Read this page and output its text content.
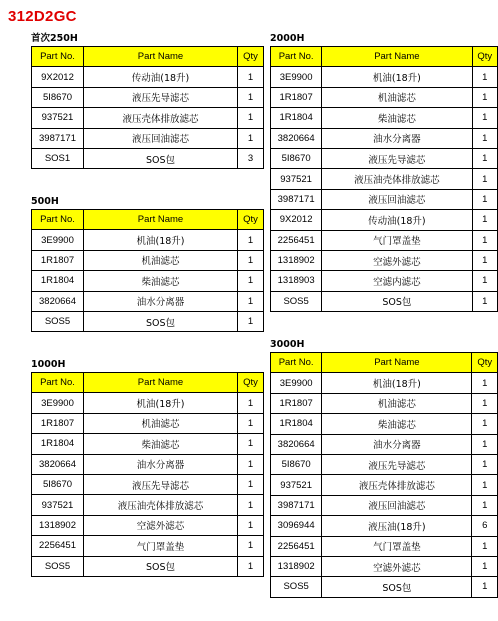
312D2GC
首次250H
Part No.	Part Name	Qty
9X2012	传动油(18升)	1
5I8670	液压先导滤芯	1
937521	液压壳体排放滤芯	1
3987171	液压回油滤芯	1
SOS1	SOS包	3
500H
Part No.	Part Name	Qty
3E9900	机油(18升)	1
1R1807	机油滤芯	1
1R1804	柴油滤芯	1
3820664	油水分离器	1
SOS5	SOS包	1
1000H
Part No.	Part Name	Qty
3E9900	机油(18升)	1
1R1807	机油滤芯	1
1R1804	柴油滤芯	1
3820664	油水分离器	1
5I8670	液压先导滤芯	1
937521	液压油壳体排放滤芯	1
1318902	空滤外滤芯	1
2256451	气门罩盖垫	1
SOS5	SOS包	1
2000H
Part No.	Part Name	Qty
3E9900	机油(18升)	1
1R1807	机油滤芯	1
1R1804	柴油滤芯	1
3820664	油水分离器	1
5I8670	液压先导滤芯	1
937521	液压油壳体排放滤芯	1
3987171	液压回油滤芯	1
9X2012	传动油(18升)	1
2256451	气门罩盖垫	1
1318902	空滤外滤芯	1
1318903	空滤内滤芯	1
SOS5	SOS包	1
3000H
Part No.	Part Name	Qty
3E9900	机油(18升)	1
1R1807	机油滤芯	1
1R1804	柴油滤芯	1
3820664	油水分离器	1
5I8670	液压先导滤芯	1
937521	液压壳体排放滤芯	1
3987171	液压回油滤芯	1
3096944	液压油(18升)	6
2256451	气门罩盖垫	1
1318902	空滤外滤芯	1
SOS5	SOS包	1
